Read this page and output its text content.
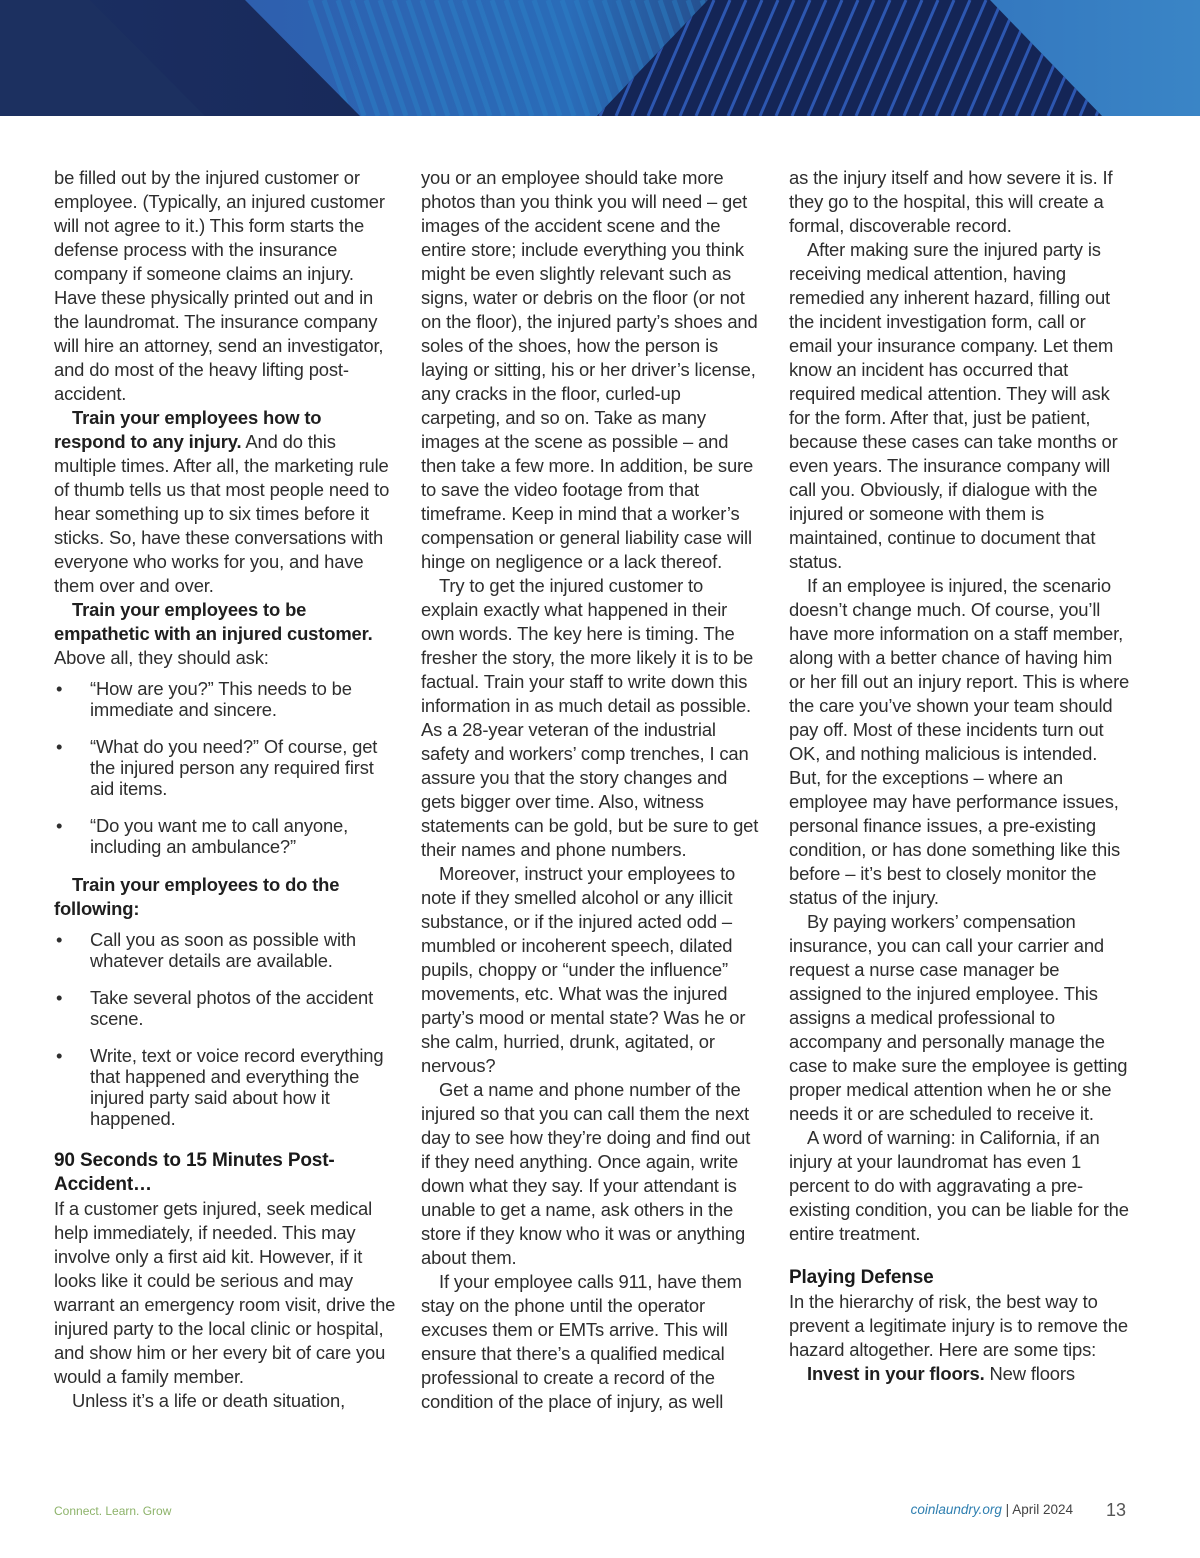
be filled out by the injured customer or employee. (Typically, an injured customer will not agree to it.) This form starts the defense process with the insurance company if someone claims an injury. Have these physically printed out and in the laundromat. The insurance company will hire an attorney, send an investigator, and do most of the heavy lifting post-accident.

Train your employees how to respond to any injury. And do this multiple times. After all, the marketing rule of thumb tells us that most people need to hear something up to six times before it sticks. So, have these conversations with everyone who works for you, and have them over and over.

Train your employees to be empathetic with an injured customer. Above all, they should ask:

• “How are you?” This needs to be immediate and sincere.
• “What do you need?” Of course, get the injured person any required first aid items.
• “Do you want me to call anyone, including an ambulance?”

Train your employees to do the following:

• Call you as soon as possible with whatever details are available.
• Take several photos of the accident scene.
• Write, text or voice record everything that happened and everything the injured party said about how it happened.
90 Seconds to 15 Minutes Post-Accident…

If a customer gets injured, seek medical help immediately, if needed. This may involve only a first aid kit. However, if it looks like it could be serious and may warrant an emergency room visit, drive the injured party to the local clinic or hospital, and show him or her every bit of care you would a family member.

Unless it’s a life or death situation,

you or an employee should take more photos than you think you will need – get images of the accident scene and the entire store; include everything you think might be even slightly relevant such as signs, water or debris on the floor (or not on the floor), the injured party’s shoes and soles of the shoes, how the person is laying or sitting, his or her driver’s license, any cracks in the floor, curled-up carpeting, and so on. Take as many images at the scene as possible – and then take a few more. In addition, be sure to save the video footage from that timeframe. Keep in mind that a worker’s compensation or general liability case will hinge on negligence or a lack thereof.

Try to get the injured customer to explain exactly what happened in their own words. The key here is timing. The fresher the story, the more likely it is to be factual. Train your staff to write down this information in as much detail as possible. As a 28-year veteran of the industrial safety and workers’ comp trenches, I can assure you that the story changes and gets bigger over time. Also, witness statements can be gold, but be sure to get their names and phone numbers.

Moreover, instruct your employees to note if they smelled alcohol or any illicit substance, or if the injured acted odd – mumbled or incoherent speech, dilated pupils, choppy or “under the influence” movements, etc. What was the injured party’s mood or mental state? Was he or she calm, hurried, drunk, agitated, or nervous?

Get a name and phone number of the injured so that you can call them the next day to see how they’re doing and find out if they need anything. Once again, write down what they say. If your attendant is unable to get a name, ask others in the store if they know who it was or anything about them.

If your employee calls 911, have them stay on the phone until the operator excuses them or EMTs arrive. This will ensure that there’s a qualified medical professional to create a record of the condition of the place of injury, as well

as the injury itself and how severe it is. If they go to the hospital, this will create a formal, discoverable record.

After making sure the injured party is receiving medical attention, having remedied any inherent hazard, filling out the incident investigation form, call or email your insurance company. Let them know an incident has occurred that required medical attention. They will ask for the form. After that, just be patient, because these cases can take months or even years. The insurance company will call you. Obviously, if dialogue with the injured or someone with them is maintained, continue to document that status.

If an employee is injured, the scenario doesn’t change much. Of course, you’ll have more information on a staff member, along with a better chance of having him or her fill out an injury report. This is where the care you’ve shown your team should pay off. Most of these incidents turn out OK, and nothing malicious is intended. But, for the exceptions – where an employee may have performance issues, personal finance issues, a pre-existing condition, or has done something like this before – it’s best to closely monitor the status of the injury.

By paying workers’ compensation insurance, you can call your carrier and request a nurse case manager be assigned to the injured employee. This assigns a medical professional to accompany and personally manage the case to make sure the employee is getting proper medical attention when he or she needs it or are scheduled to receive it.

A word of warning: in California, if an injury at your laundromat has even 1 percent to do with aggravating a pre-existing condition, you can be liable for the entire treatment.

Playing Defense

In the hierarchy of risk, the best way to prevent a legitimate injury is to remove the hazard altogether. Here are some tips:

Invest in your floors. New floors

Connect. Learn. Grow	coinlaundry.org | April 2024 13
